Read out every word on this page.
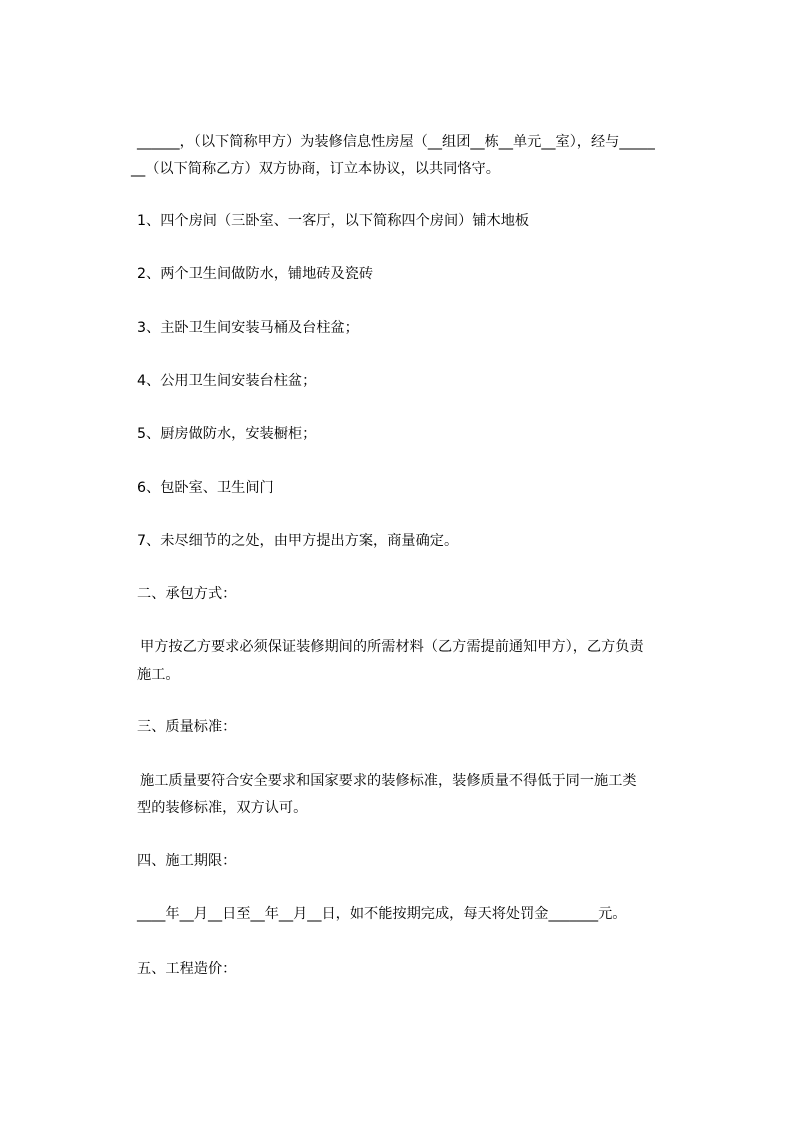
______，（以下简称甲方）为装修信息性房屋（__组团__栋__单元__室），经与_____

__（以下简称乙方）双方协商，订立本协议，以共同恪守。

1、四个房间（三卧室、一客厅，以下简称四个房间）铺木地板

2、两个卫生间做防水，铺地砖及瓷砖

3、主卧卫生间安装马桶及台柱盆；

4、公用卫生间安装台柱盆；

5、厨房做防水，安装橱柜；

6、包卧室、卫生间门

7、未尽细节的之处，由甲方提出方案，商量确定。

二、承包方式：

甲方按乙方要求必须保证装修期间的所需材料（乙方需提前通知甲方），乙方负责

施工。

三、质量标准：

施工质量要符合安全要求和国家要求的装修标准，装修质量不得低于同一施工类

型的装修标准，双方认可。

四、施工期限：

____年__月__日至__年__月__日，如不能按期完成，每天将处罚金_______元。

五、工程造价：
